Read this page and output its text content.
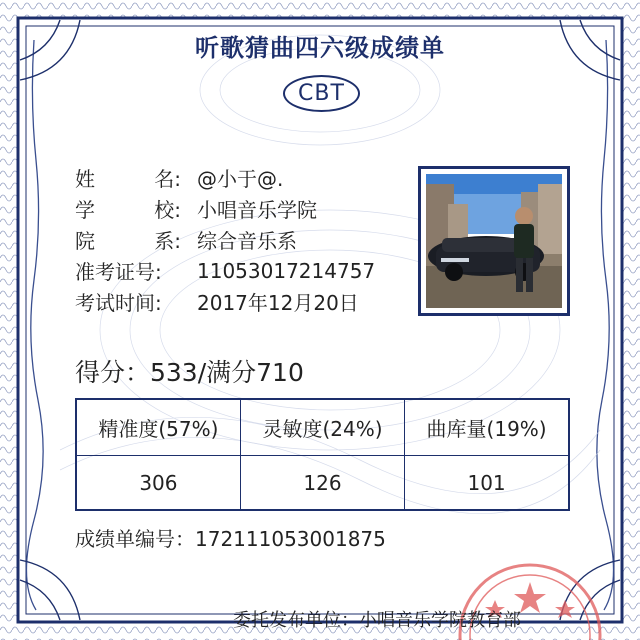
听歌猜曲四六级成绩单
CBT
姓	名: @小于@.
学	校: 小唱音乐学院
院	系: 综合音乐系
准考证号:	11053017214757
考试时间:	2017年12月20日
得分：533/满分710
精准度(57%)	灵敏度(24%)	曲库量(19%)
306	126	101
成绩单编号：172111053001875
委托发布单位：小唱音乐学院教育部
